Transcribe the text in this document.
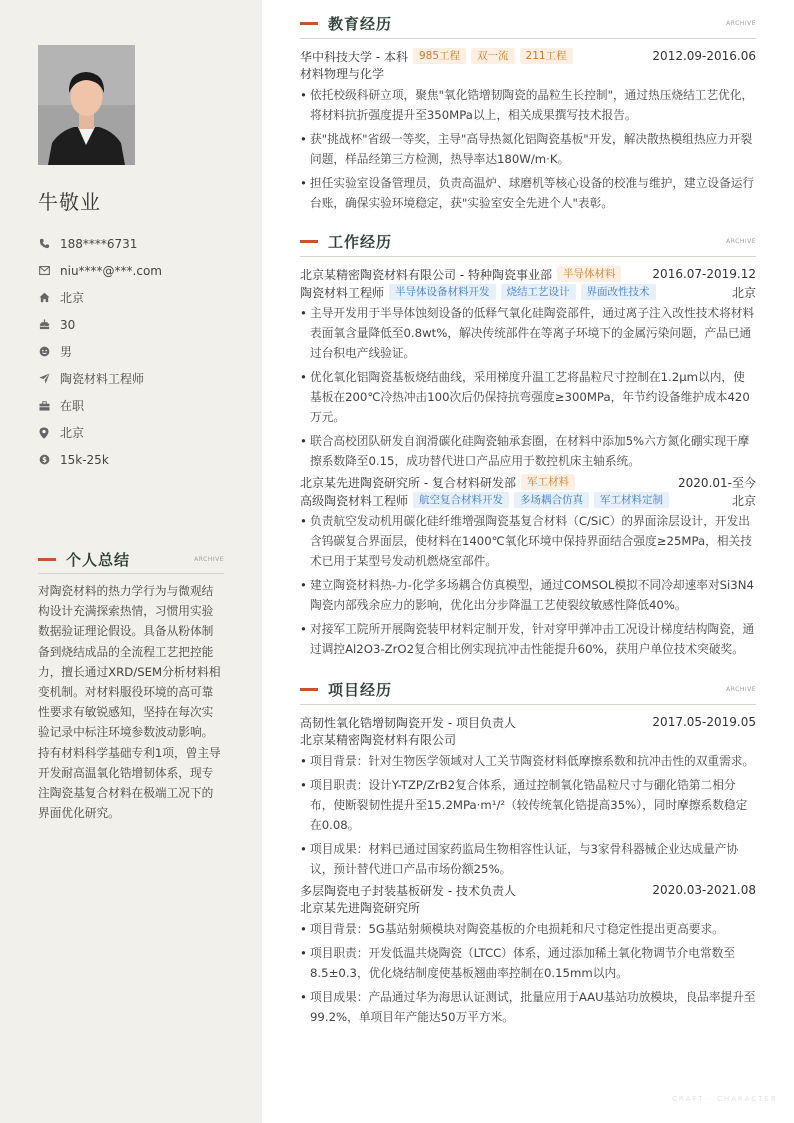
牛敬业
188****6731
niu****@***.com
北京
30
男
陶瓷材料工程师
在职
北京
$ 15k-25k
个人总结	ARCHIVE
对陶瓷材料的热力学行为与微观结构设计充满探索热情，习惯用实验数据验证理论假设。具备从粉体制备到烧结成品的全流程工艺把控能力，擅长通过XRD/SEM分析材料相变机制。对材料服役环境的高可靠性要求有敏锐感知，坚持在每次实验记录中标注环境参数波动影响。持有材料科学基础专利1项，曾主导开发耐高温氧化锆增韧体系，现专注陶瓷基复合材料在极端工况下的界面优化研究。
教育经历	ARCHIVE
华中科技大学 - 本科	985工程	双一流	211工程	2012.09-2016.06
材料物理与化学
• 依托校级科研立项，聚焦"氧化锆增韧陶瓷的晶粒生长控制"，通过热压烧结工艺优化，将材料抗折强度提升至350MPa以上，相关成果撰写技术报告。
• 获"挑战杯"省级一等奖，主导"高导热氮化铝陶瓷基板"开发，解决散热模组热应力开裂问题，样品经第三方检测，热导率达180W/m·K。
• 担任实验室设备管理员，负责高温炉、球磨机等核心设备的校准与维护，建立设备运行台账，确保实验环境稳定，获"实验室安全先进个人"表彰。
工作经历	ARCHIVE
北京某精密陶瓷材料有限公司 - 特种陶瓷事业部	半导体材料	2016.07-2019.12
陶瓷材料工程师	半导体设备材料开发	烧结工艺设计	界面改性技术	北京
• 主导开发用于半导体蚀刻设备的低释气氧化硅陶瓷部件，通过离子注入改性技术将材料表面氧含量降低至0.8wt%，解决传统部件在等离子环境下的金属污染问题，产品已通过台积电产线验证。
• 优化氧化铝陶瓷基板烧结曲线，采用梯度升温工艺将晶粒尺寸控制在1.2μm以内，使基板在200℃冷热冲击100次后仍保持抗弯强度≥300MPa，年节约设备维护成本420万元。
• 联合高校团队研发自润滑碳化硅陶瓷轴承套圈，在材料中添加5%六方氮化硼实现干摩擦系数降至0.15，成功替代进口产品应用于数控机床主轴系统。
北京某先进陶瓷研究所 - 复合材料研发部	军工材料	2020.01-至今
高级陶瓷材料工程师	航空复合材料开发	多场耦合仿真	军工材料定制	北京
• 负责航空发动机用碳化硅纤维增强陶瓷基复合材料（C/SiC）的界面涂层设计，开发出含钨碳复合界面层，使材料在1400℃氧化环境中保持界面结合强度≥25MPa，相关技术已用于某型号发动机燃烧室部件。
• 建立陶瓷材料热-力-化学多场耦合仿真模型，通过COMSOL模拟不同冷却速率对Si3N4陶瓷内部残余应力的影响，优化出分步降温工艺使裂纹敏感性降低40%。
• 对接军工院所开展陶瓷装甲材料定制开发，针对穿甲弹冲击工况设计梯度结构陶瓷，通过调控Al2O3-ZrO2复合相比例实现抗冲击性能提升60%，获用户单位技术突破奖。
项目经历	ARCHIVE
高韧性氧化锆增韧陶瓷开发 - 项目负责人	2017.05-2019.05
北京某精密陶瓷材料有限公司
• 项目背景：针对生物医学领域对人工关节陶瓷材料低摩擦系数和抗冲击性的双重需求。
• 项目职责：设计Y-TZP/ZrB2复合体系，通过控制氧化锆晶粒尺寸与硼化锆第二相分布，使断裂韧性提升至15.2MPa·m¹/²（较传统氧化锆提高35%），同时摩擦系数稳定在0.08。
• 项目成果：材料已通过国家药监局生物相容性认证，与3家骨科器械企业达成量产协议，预计替代进口产品市场份额25%。
多层陶瓷电子封装基板研发 - 技术负责人	2020.03-2021.08
北京某先进陶瓷研究所
• 项目背景：5G基站射频模块对陶瓷基板的介电损耗和尺寸稳定性提出更高要求。
• 项目职责：开发低温共烧陶瓷（LTCC）体系，通过添加稀土氧化物调节介电常数至8.5±0.3，优化烧结制度使基板翘曲率控制在0.15mm以内。
• 项目成果：产品通过华为海思认证测试，批量应用于AAU基站功放模块，良品率提升至99.2%，单项目年产能达50万平方米。
CRAFT · CHARACTER
